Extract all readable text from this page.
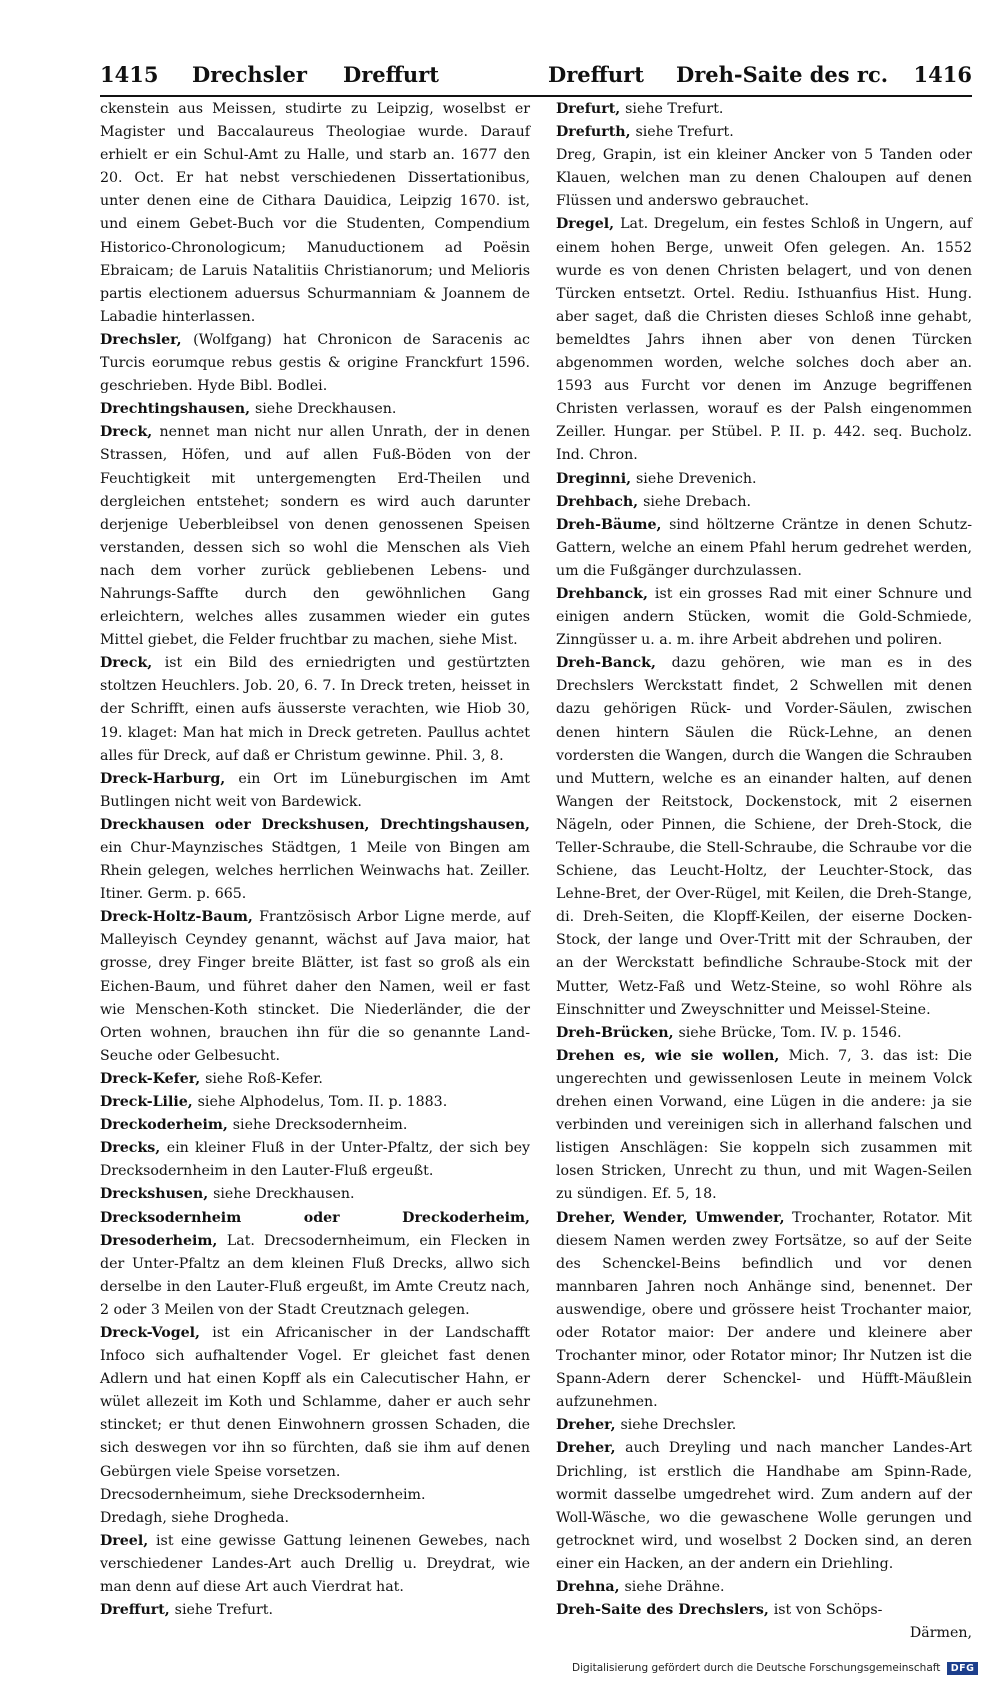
1415 Drechsler Dreffurt	Dreffurt Dreh-Saite des rc. 1416

ckenstein aus Meissen, studirte zu Leipzig, woselbst er Magister und Baccalaureus Theologiae wurde. Darauf erhielt er ein Schul-Amt zu Halle, und starb an. 1677 den 20. Oct. Er hat nebst verschiedenen Dissertationibus, unter denen eine de Cithara Dauidica, Leipzig 1670. ist, und einem Gebet-Buch vor die Studenten, Compendium Historico-Chronologicum; Manuductionem ad Poësin Ebraicam; de Laruis Natalitiis Christianorum; und Melioris partis electionem aduersus Schurmanniam & Joannem de Labadie hinterlassen.

Drechsler, (Wolfgang) hat Chronicon de Saracenis ac Turcis eorumque rebus gestis & origine Franckfurt 1596. geschrieben. Hyde Bibl. Bodlei.

Drechtingshausen, siehe Dreckhausen.

Dreck, nennet man nicht nur allen Unrath, der in denen Strassen, Höfen, und auf allen Fuß-Böden von der Feuchtigkeit mit untergemengten Erd-Theilen und dergleichen entstehet; sondern es wird auch darunter derjenige Ueberbleibsel von denen genossenen Speisen verstanden, dessen sich so wohl die Menschen als Vieh nach dem vorher zurück gebliebenen Lebens- und Nahrungs-Saffte durch den gewöhnlichen Gang erleichtern, welches alles zusammen wieder ein gutes Mittel giebet, die Felder fruchtbar zu machen, siehe Mist.

Dreck, ist ein Bild des erniedrigten und gestürtzten stoltzen Heuchlers. Job. 20, 6. 7. In Dreck treten, heisset in der Schrifft, einen aufs äusserste verachten, wie Hiob 30, 19. klaget: Man hat mich in Dreck getreten. Paullus achtet alles für Dreck, auf daß er Christum gewinne. Phil. 3, 8.

Dreck-Harburg, ein Ort im Lüneburgischen im Amt Butlingen nicht weit von Bardewick.

Dreckhausen oder Dreckshusen, Drechtingshausen, ein Chur-Maynzisches Städtgen, 1 Meile von Bingen am Rhein gelegen, welches herrlichen Weinwachs hat. Zeiller. Itiner. Germ. p. 665.

Dreck-Holtz-Baum, Frantzösisch Arbor Ligne merde, auf Malleyisch Ceyndey genannt, wächst auf Java maior, hat grosse, drey Finger breite Blätter, ist fast so groß als ein Eichen-Baum, und führet daher den Namen, weil er fast wie Menschen-Koth stincket. Die Niederländer, die der Orten wohnen, brauchen ihn für die so genannte Land-Seuche oder Gelbesucht.

Dreck-Kefer, siehe Roß-Kefer.

Dreck-Lilie, siehe Alphodelus, Tom. II. p. 1883.

Dreckoderheim, siehe Drecksodernheim.

Drecks, ein kleiner Fluß in der Unter-Pfaltz, der sich bey Drecksodernheim in den Lauter-Fluß ergeußt.

Dreckshusen, siehe Dreckhausen.

Drecksodernheim oder Dreckoderheim, Dresoderheim, Lat. Drecsodernheimum, ein Flecken in der Unter-Pfaltz an dem kleinen Fluß Drecks, allwo sich derselbe in den Lauter-Fluß ergeußt, im Amte Creutz nach, 2 oder 3 Meilen von der Stadt Creutznach gelegen.

Dreck-Vogel, ist ein Africanischer in der Landschafft Infoco sich aufhaltender Vogel. Er gleichet fast denen Adlern und hat einen Kopff als ein Calecutischer Hahn, er wület allezeit im Koth und Schlamme, daher er auch sehr stincket; er thut denen Einwohnern grossen Schaden, die sich deswegen vor ihn so fürchten, daß sie ihm auf denen Gebürgen viele Speise vorsetzen.

Drecsodernheimum, siehe Drecksodernheim.

Dredagh, siehe Drogheda.

Dreel, ist eine gewisse Gattung leinenen Gewebes, nach verschiedener Landes-Art auch Drellig u. Dreydrat, wie man denn auf diese Art auch Vierdrat hat.

Dreffurt, siehe Trefurt.

Drefurt, siehe Trefurt.

Drefurth, siehe Trefurt.

Dreg, Grapin, ist ein kleiner Ancker von 5 Tanden oder Klauen, welchen man zu denen Chaloupen auf denen Flüssen und anderswo gebrauchet.

Dregel, Lat. Dregelum, ein festes Schloß in Ungern, auf einem hohen Berge, unweit Ofen gelegen. An. 1552 wurde es von denen Christen belagert, und von denen Türcken entsetzt. Ortel. Rediu. Isthuanfius Hist. Hung. aber saget, daß die Christen dieses Schloß inne gehabt, bemeldtes Jahrs ihnen aber von denen Türcken abgenommen worden, welche solches doch aber an. 1593 aus Furcht vor denen im Anzuge begriffenen Christen verlassen, worauf es der Palsh eingenommen Zeiller. Hungar. per Stübel. P. II. p. 442. seq. Bucholz. Ind. Chron.

Dreginni, siehe Drevenich.

Drehbach, siehe Drebach.

Dreh-Bäume, sind höltzerne Cräntze in denen Schutz-Gattern, welche an einem Pfahl herum gedrehet werden, um die Fußgänger durchzulassen.

Drehbanck, ist ein grosses Rad mit einer Schnure und einigen andern Stücken, womit die Gold-Schmiede, Zinngüsser u. a. m. ihre Arbeit abdrehen und poliren.

Dreh-Banck, dazu gehören, wie man es in des Drechslers Werckstatt findet, 2 Schwellen mit denen dazu gehörigen Rück- und Vorder-Säulen, zwischen denen hintern Säulen die Rück-Lehne, an denen vordersten die Wangen, durch die Wangen die Schrauben und Muttern, welche es an einander halten, auf denen Wangen der Reitstock, Dockenstock, mit 2 eisernen Nägeln, oder Pinnen, die Schiene, der Dreh-Stock, die Teller-Schraube, die Stell-Schraube, die Schraube vor die Schiene, das Leucht-Holtz, der Leuchter-Stock, das Lehne-Bret, der Over-Rügel, mit Keilen, die Dreh-Stange, di. Dreh-Seiten, die Klopff-Keilen, der eiserne Docken-Stock, der lange und Over-Tritt mit der Schrauben, der an der Werckstatt befindliche Schraube-Stock mit der Mutter, Wetz-Faß und Wetz-Steine, so wohl Röhre als Einschnitter und Zweyschnitter und Meissel-Steine.

Dreh-Brücken, siehe Brücke, Tom. IV. p. 1546.

Drehen es, wie sie wollen, Mich. 7, 3. das ist: Die ungerechten und gewissenlosen Leute in meinem Volck drehen einen Vorwand, eine Lügen in die andere: ja sie verbinden und vereinigen sich in allerhand falschen und listigen Anschlägen: Sie koppeln sich zusammen mit losen Stricken, Unrecht zu thun, und mit Wagen-Seilen zu sündigen. Ef. 5, 18.

Dreher, Wender, Umwender, Trochanter, Rotator. Mit diesem Namen werden zwey Fortsätze, so auf der Seite des Schenckel-Beins befindlich und vor denen mannbaren Jahren noch Anhänge sind, benennet. Der auswendige, obere und grössere heist Trochanter maior, oder Rotator maior: Der andere und kleinere aber Trochanter minor, oder Rotator minor; Ihr Nutzen ist die Spann-Adern derer Schenckel- und Hüfft-Mäußlein aufzunehmen.

Dreher, siehe Drechsler.

Dreher, auch Dreyling und nach mancher Landes-Art Drichling, ist erstlich die Handhabe am Spinn-Rade, wormit dasselbe umgedrehet wird. Zum andern auf der Woll-Wäsche, wo die gewaschene Wolle gerungen und getrocknet wird, und woselbst 2 Docken sind, an deren einer ein Hacken, an der andern ein Driehling.

Drehna, siehe Drähne.

Dreh-Saite des Drechslers, ist von Schöps-

Därmen,

Digitalisierung gefördert durch die Deutsche Forschungsgemeinschaft DFG
